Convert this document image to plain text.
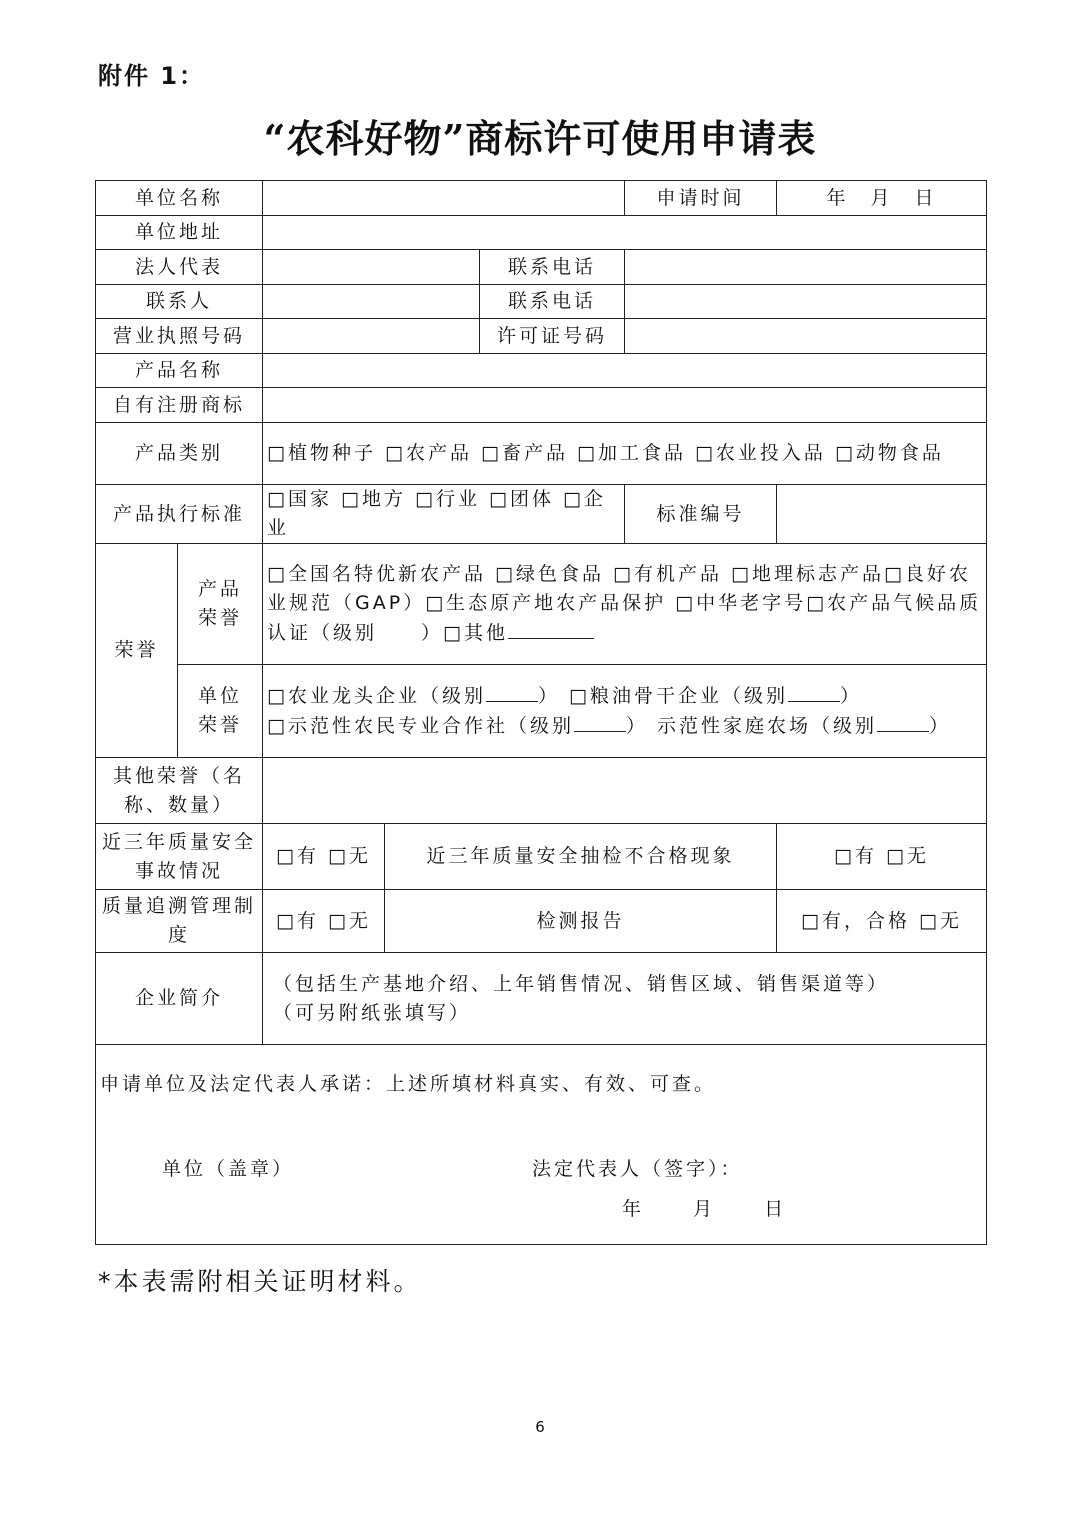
附件 1：
“农科好物”商标许可使用申请表
单位名称					申请时间	年　月　日
单位地址						
法人代表				联系电话		
联系人				联系电话		
营业执照号码				许可证号码		
产品名称						
自有注册商标						
产品类别		□植物种子 □农产品 □畜产品 □加工食品 □农业投入品 □动物食品				
产品执行标准		□国家 □地方 □行业 □团体 □企业			标准编号	
荣誉	产品荣誉	□全国名特优新农产品 □绿色食品 □有机产品 □地理标志产品□良好农业规范（GAP）□生态原产地农产品保护 □中华老字号□农产品气候品质认证（级别　　）□其他				
	单位荣誉	□农业龙头企业（级别 ） □粮油骨干企业（级别 ）
□示范性农民专业合作社（级别 ） 示范性家庭农场（级别 ）				

其他荣誉（名称、数量）						
近三年质量安全事故情况		□有 □无	近三年质量安全抽检不合格现象			□有 □无
质量追溯管理制度		□有 □无	检测报告			□有，合格 □无
企业简介		（包括生产基地介绍、上年销售情况、销售区域、销售渠道等）
（可另附纸张填写）				

申请单位及法定代表人承诺：上述所填材料真实、有效、可查。
单位（盖章） 法定代表人（签字）：
年 月 日						
*本表需附相关证明材料。
6
